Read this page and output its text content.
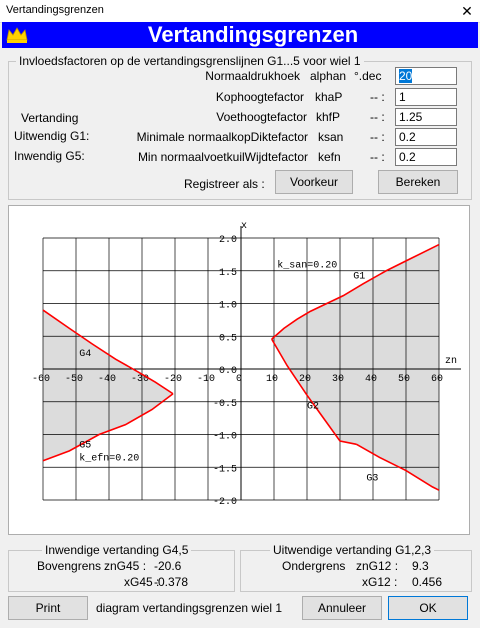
Vertandingsgrenzen	✕
Vertandingsgrenzen
Invloedsfactoren op de vertandingsgrenslijnen G1...5 voor wiel 1
Vertanding
Uitwendig G1:
Inwendig G5:
Normaaldrukhoek alphan °.dec	20
Kophoogtefactor khaP -- :	1
Voethoogtefactor khfP -- :	1.25
Minimale normaalkopDiktefactor ksan -- :	0.2
Min normaalvoetkuilWijdtefactor kefn -- :	0.2
Registreer als :	Voorkeur	Bereken
-60 -50 -40 -30 -20 -10 0 10 20 30 40 50 60
-2.0
-1.5
-1.0
-0.5
0.0
0.5
1.0
1.5
2.0
zn
x
k_san=0.20
G1
G4
G2
G5
k_efn=0.20
G3
Inwendige vertanding G4,5
Bovengrens znG45 : -20.6
xG45 :
-0.378
Uitwendige vertanding G1,2,3
Ondergrens znG12 : 9.3
xG12 : 0.456
Print	diagram vertandingsgrenzen wiel 1	Annuleer	OK
